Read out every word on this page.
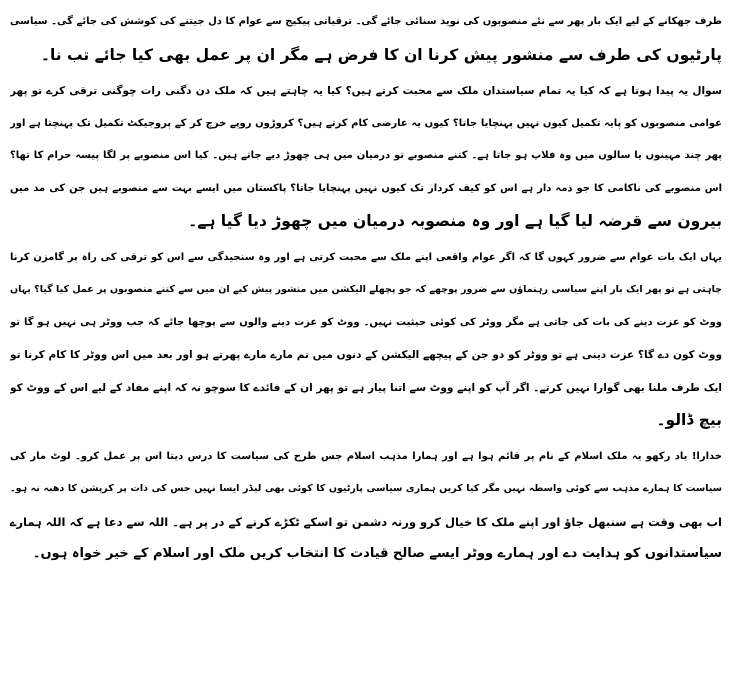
طرف جھکانے کے لیے ایک بار پھر سے نئے منصوبوں کی نوید سنائی جائے گی۔ ترقیاتی پیکیج سے عوام کا دل جیتنے کی کوشش کی جائے گی۔ سیاسی
پارٹیوں کی طرف سے منشور پیش کرنا ان کا فرض ہے مگر ان پر عمل بھی کیا جائے تب نا۔
سوال یہ پیدا ہوتا ہے کہ کیا یہ تمام سیاستدان ملک سے محبت کرتے ہیں؟ کیا یہ چاہتے ہیں کہ ملک دن دگنی رات چوگنی ترقی کرے تو پھر
عوامی منصوبوں کو پایہ تکمیل کیوں نہیں پہنچایا جاتا؟ کیوں یہ عارضی کام کرتے ہیں؟ کروڑوں روپے خرچ کر کے پروجیکٹ تکمیل تک پہنچتا ہے اور
پھر چند مہینوں یا سالوں میں وہ فلاپ ہو جاتا ہے۔ کتنے منصوبے تو درمیان میں ہی چھوڑ دیے جاتے ہیں۔ کیا اس منصوبے پر لگا پیسہ حرام کا تھا؟
اس منصوبے کی ناکامی کا جو ذمہ دار ہے اس کو کیف کردار تک کیوں نہیں پہنچایا جاتا؟ پاکستان میں ایسے بہت سے منصوبے ہیں جن کی مد میں
بیرون سے قرضہ لیا گیا ہے اور وہ منصوبہ درمیان میں چھوڑ دیا گیا ہے۔
یہاں ایک بات عوام سے ضرور کہوں گا کہ اگر عوام واقعی اپنے ملک سے محبت کرتی ہے اور وہ سنجیدگی سے اس کو ترقی کی راہ پر گامزن کرنا
چاہتی ہے تو پھر ایک بار اپنے سیاسی رہنماؤں سے ضرور پوچھے کہ جو پچھلے الیکشن میں منشور پیش کیے ان میں سے کتنے منصوبوں پر عمل کیا گیا؟ یہاں
ووٹ کو عزت دینے کی بات کی جاتی ہے مگر ووٹر کی کوئی حیثیت نہیں۔ ووٹ کو عزت دینے والوں سے پوچھا جائے کہ جب ووٹر ہی نہیں ہو گا تو
ووٹ کون دے گا؟ عزت دینی ہے تو ووٹر کو دو جن کے پیچھے الیکشن کے دنوں میں تم مارے مارے پھرتے ہو اور بعد میں اس ووٹر کا کام کرنا تو
ایک طرف ملنا بھی گوارا نہیں کرتے۔ اگر آپ کو اپنے ووٹ سے اتنا پیار ہے تو پھر ان کے فائدے کا سوچو نہ کہ اپنے مفاد کے لیے اس کے ووٹ کو
بیچ ڈالو۔
خدارا! یاد رکھو یہ ملک اسلام کے نام پر قائم ہوا ہے اور ہمارا مذہب اسلام جس طرح کی سیاست کا درس دیتا اس پر عمل کرو۔ لوٹ مار کی
سیاست کا ہمارے مذہب سے کوئی واسطہ نہیں مگر کیا کریں ہماری سیاسی پارٹیوں کا کوئی بھی لیڈر ایسا نہیں جس کی ذات پر کرپشن کا دھبہ نہ ہو۔
اب بھی وقت ہے سنبھل جاؤ اور اپنے ملک کا خیال کرو ورنہ دشمن تو اسکے ٹکڑے کرنے کے در پر ہے۔ اللہ سے دعا ہے کہ اللہ ہمارے
سیاستدانوں کو ہدایت دے اور ہمارے ووٹر ایسے صالح قیادت کا انتخاب کریں ملک اور اسلام کے خیر خواہ ہوں۔
